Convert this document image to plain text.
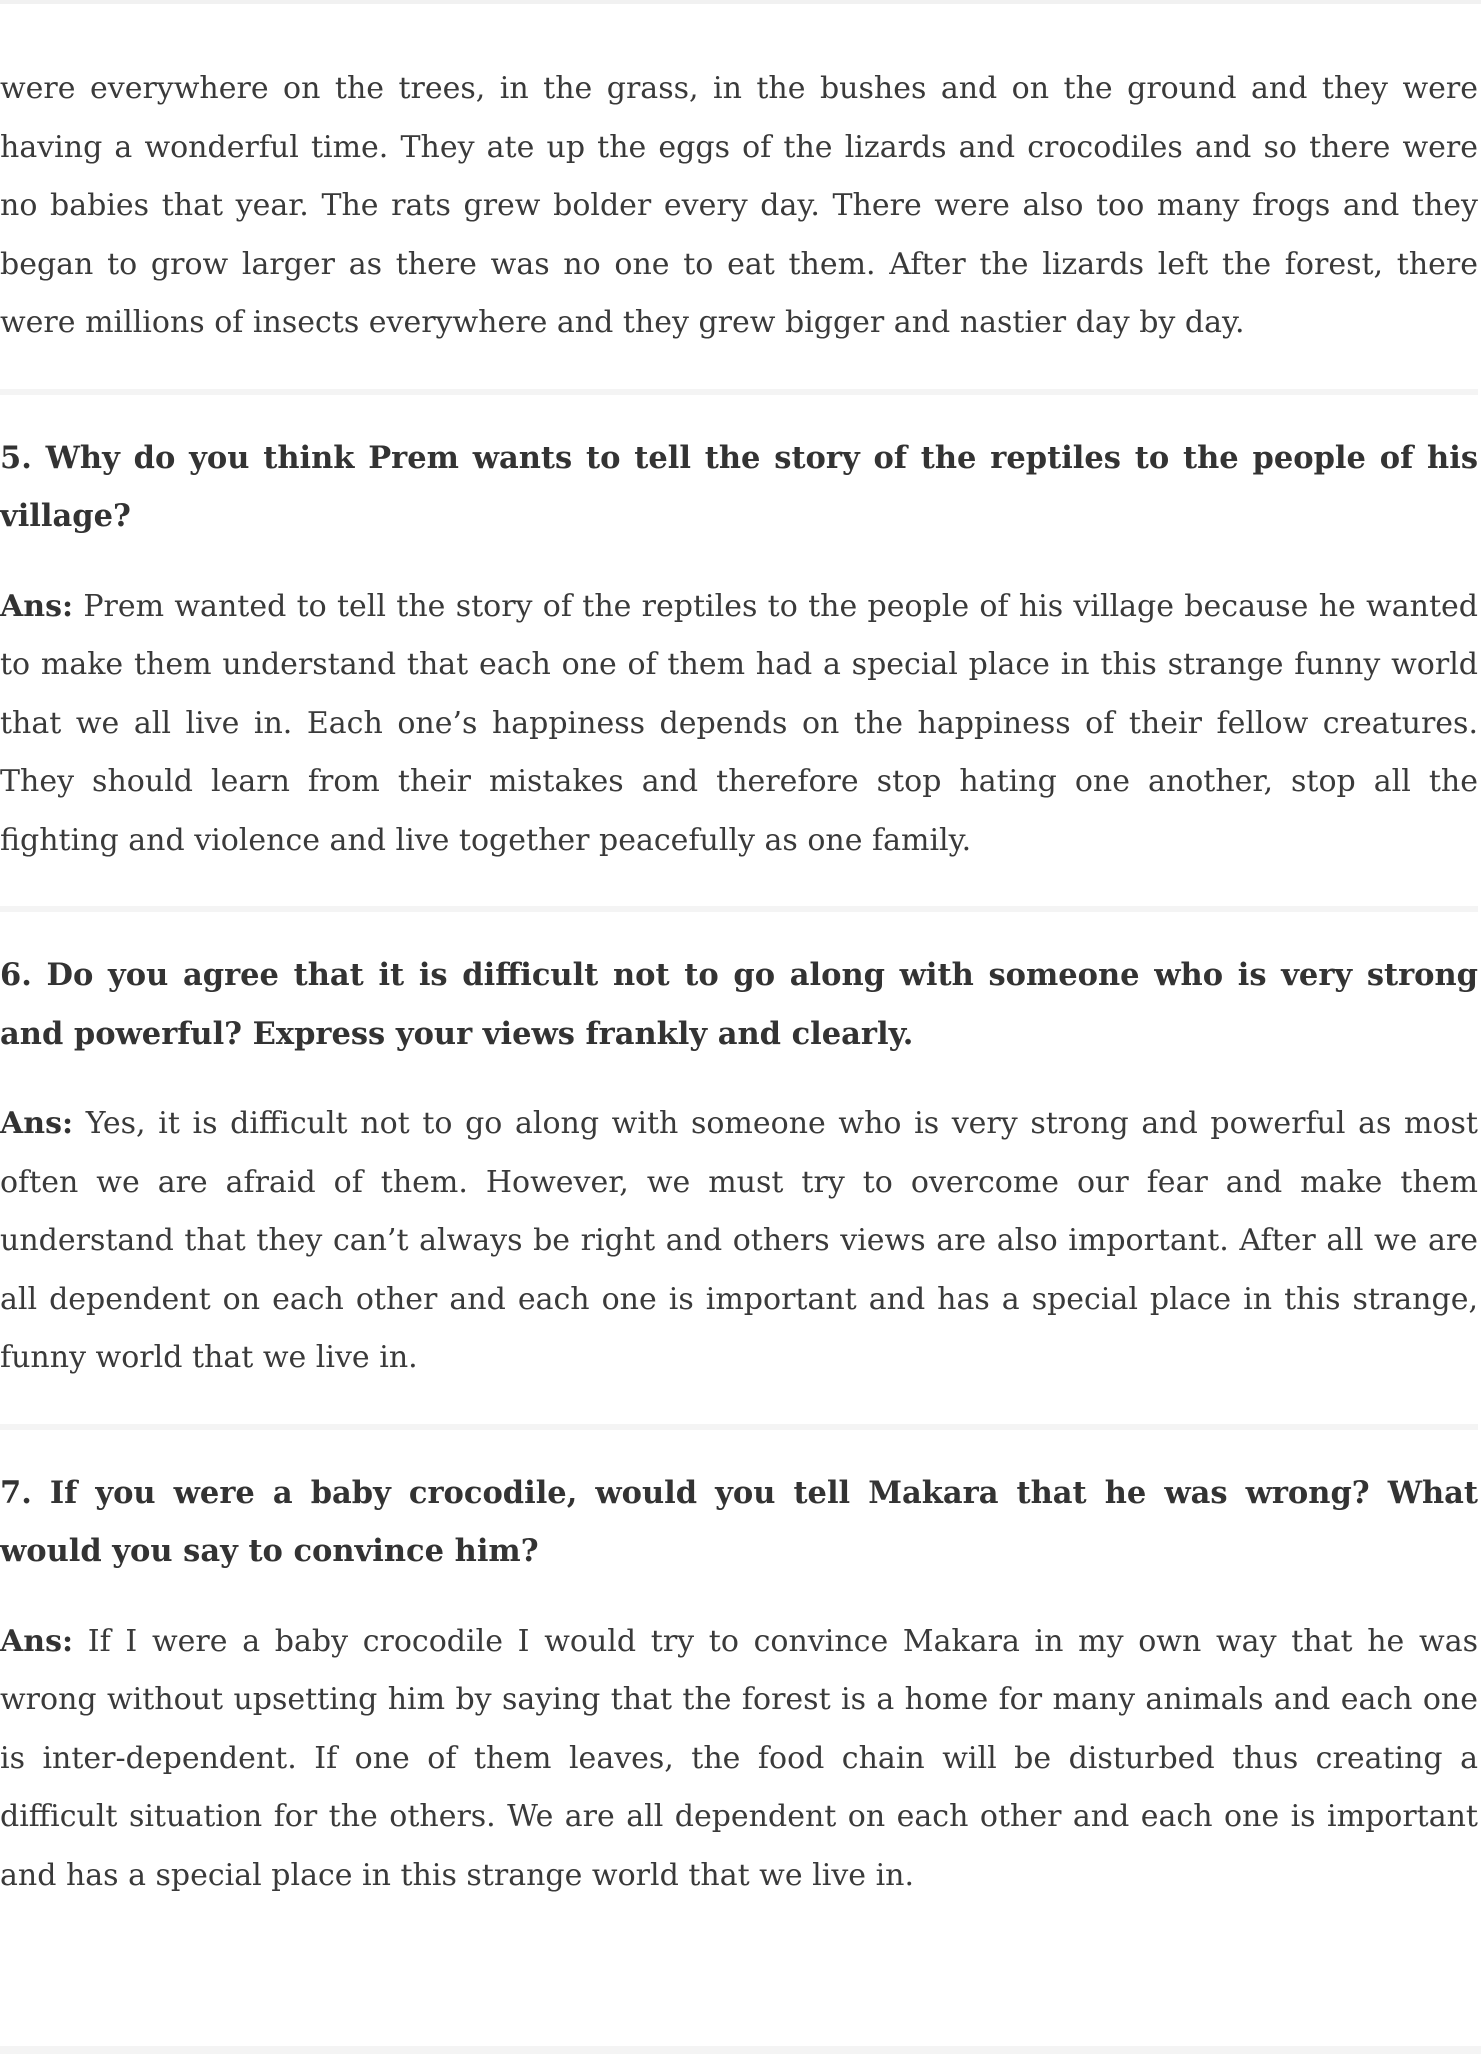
were everywhere on the trees, in the grass, in the bushes and on the ground and they were having a wonderful time. They ate up the eggs of the lizards and crocodiles and so there were no babies that year. The rats grew bolder every day. There were also too many frogs and they began to grow larger as there was no one to eat them. After the lizards left the forest, there were millions of insects everywhere and they grew bigger and nastier day by day.

5. Why do you think Prem wants to tell the story of the reptiles to the people of his village?

Ans: Prem wanted to tell the story of the reptiles to the people of his village because he wanted to make them understand that each one of them had a special place in this strange funny world that we all live in. Each one’s happiness depends on the happiness of their fellow creatures. They should learn from their mistakes and therefore stop hating one another, stop all the fighting and violence and live together peacefully as one family.

6. Do you agree that it is difficult not to go along with someone who is very strong and powerful? Express your views frankly and clearly.

Ans: Yes, it is difficult not to go along with someone who is very strong and powerful as most often we are afraid of them. However, we must try to overcome our fear and make them understand that they can’t always be right and others views are also important. After all we are all dependent on each other and each one is important and has a special place in this strange, funny world that we live in.

7. If you were a baby crocodile, would you tell Makara that he was wrong? What would you say to convince him?

Ans: If I were a baby crocodile I would try to convince Makara in my own way that he was wrong without upsetting him by saying that the forest is a home for many animals and each one is inter-dependent. If one of them leaves, the food chain will be disturbed thus creating a difficult situation for the others. We are all dependent on each other and each one is important and has a special place in this strange world that we live in.
